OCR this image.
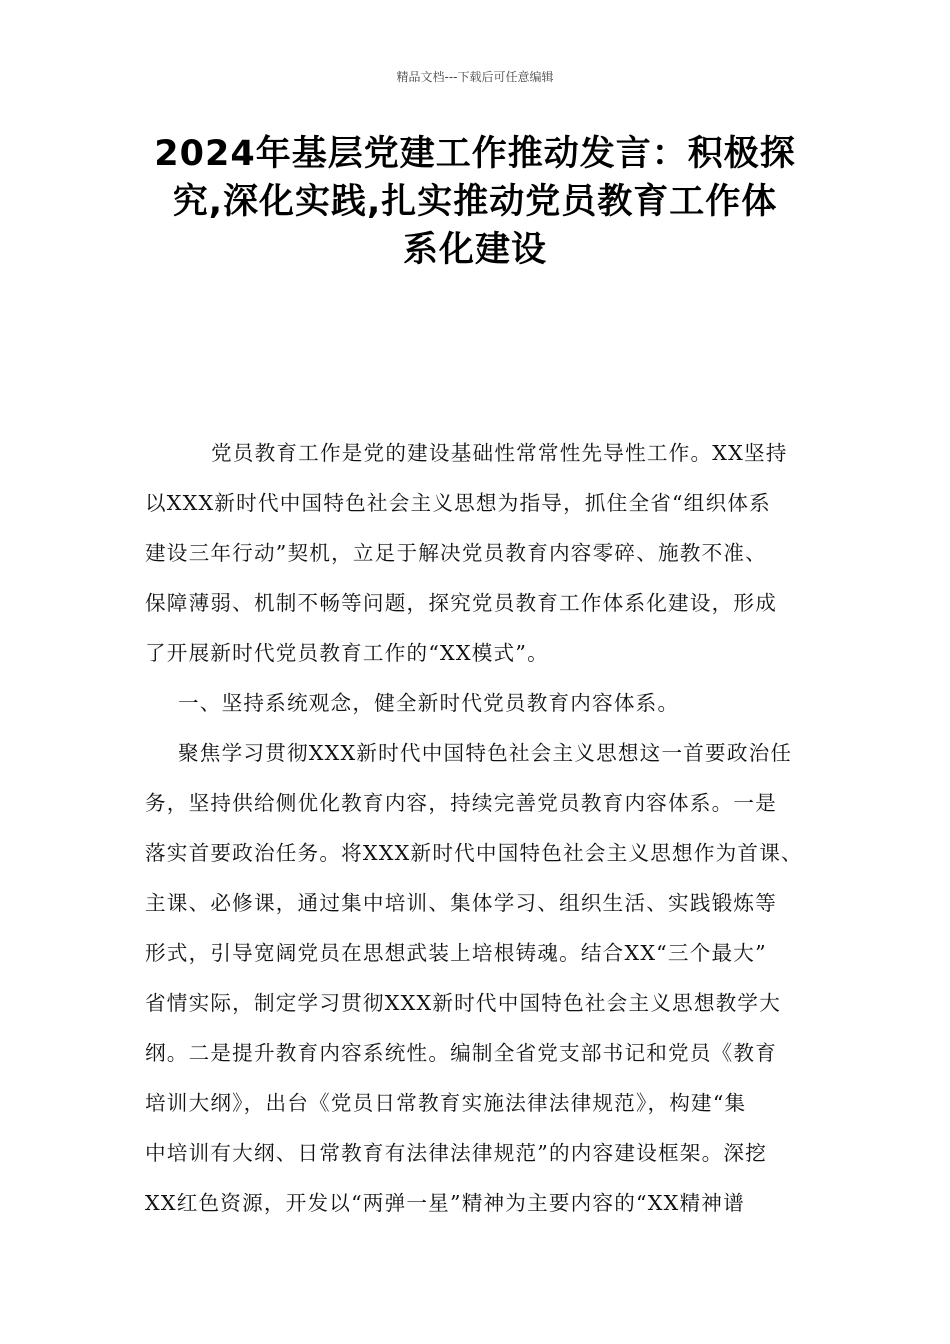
精品文档---下载后可任意编辑
2024年基层党建工作推动发言：积极探
究,深化实践,扎实推动党员教育工作体
系化建设
党员教育工作是党的建设基础性常常性先导性工作。XX坚持
以XXX新时代中国特色社会主义思想为指导，抓住全省“组织体系
建设三年行动”契机，立足于解决党员教育内容零碎、施教不准、
保障薄弱、机制不畅等问题，探究党员教育工作体系化建设，形成
了开展新时代党员教育工作的“XX模式”。
一、坚持系统观念，健全新时代党员教育内容体系。
聚焦学习贯彻XXX新时代中国特色社会主义思想这一首要政治任
务，坚持供给侧优化教育内容，持续完善党员教育内容体系。一是
落实首要政治任务。将XXX新时代中国特色社会主义思想作为首课、
主课、必修课，通过集中培训、集体学习、组织生活、实践锻炼等
形式，引导宽阔党员在思想武装上培根铸魂。结合XX“三个最大”
省情实际，制定学习贯彻XXX新时代中国特色社会主义思想教学大
纲。二是提升教育内容系统性。编制全省党支部书记和党员《教育
培训大纲》，出台《党员日常教育实施法律法律规范》，构建“集
中培训有大纲、日常教育有法律法律规范”的内容建设框架。深挖
XX红色资源，开发以“两弹一星”精神为主要内容的“XX精神谱
